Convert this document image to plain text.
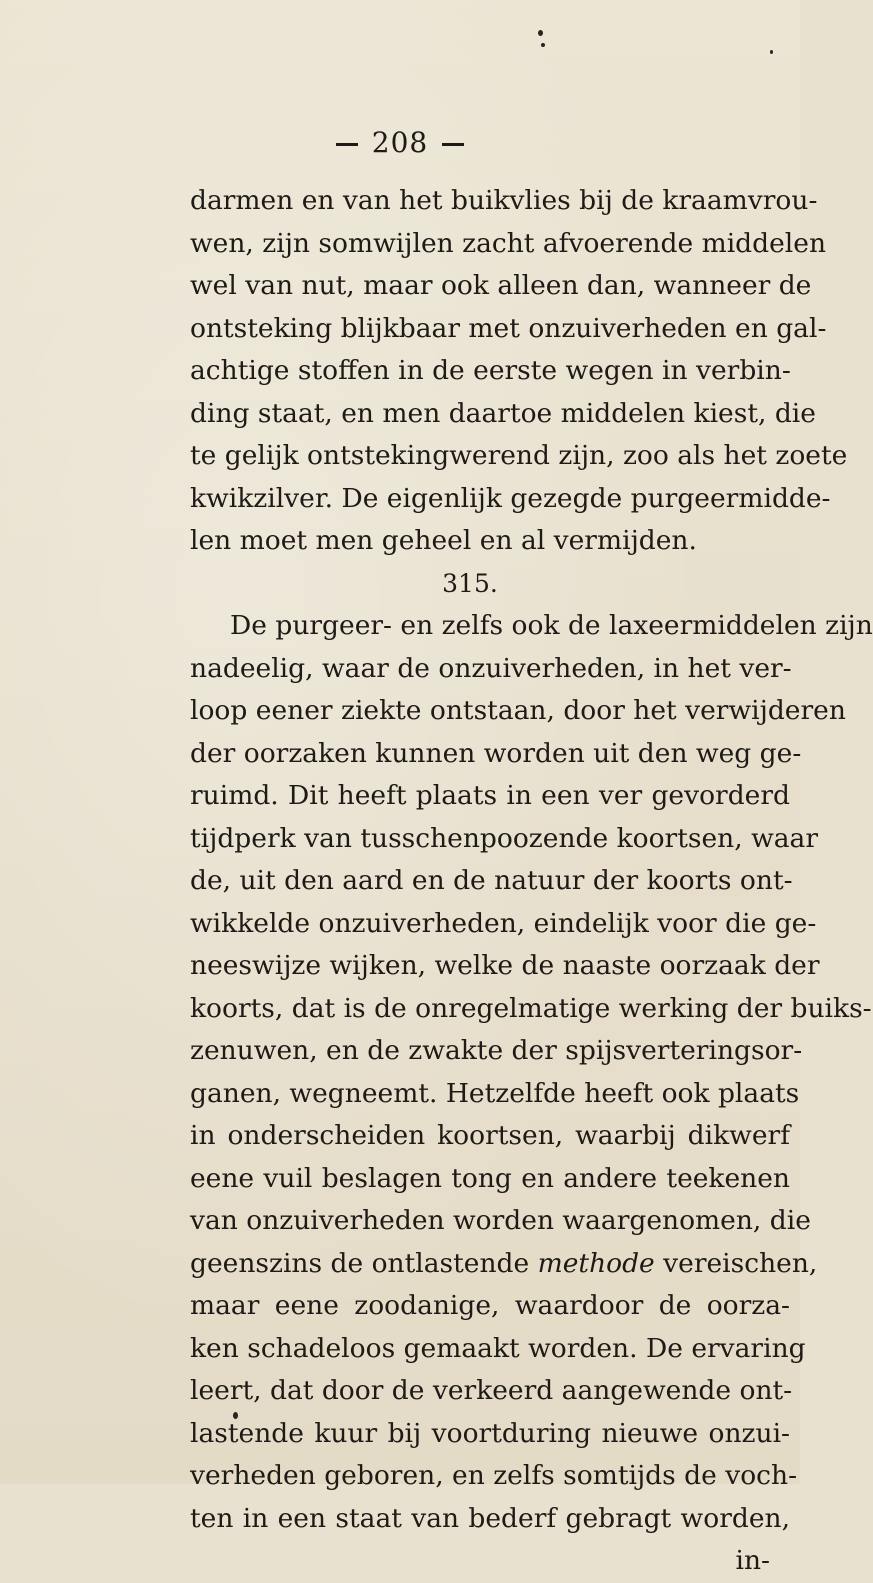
208
darmen en van het buikvlies bij de kraamvrou-
wen, zijn somwijlen zacht afvoerende middelen
wel van nut, maar ook alleen dan, wanneer de
ontsteking blijkbaar met onzuiverheden en gal-
achtige stoffen in de eerste wegen in verbin-
ding staat, en men daartoe middelen kiest, die
te gelijk ontstekingwerend zijn, zoo als het zoete
kwikzilver. De eigenlijk gezegde purgeermidde-
len moet men geheel en al vermijden.
315.
De purgeer- en zelfs ook de laxeermiddelen zijn
nadeelig, waar de onzuiverheden, in het ver-
loop eener ziekte ontstaan, door het verwijderen
der oorzaken kunnen worden uit den weg ge-
ruimd. Dit heeft plaats in een ver gevorderd
tijdperk van tusschenpoozende koortsen, waar
de, uit den aard en de natuur der koorts ont-
wikkelde onzuiverheden, eindelijk voor die ge-
neeswijze wijken, welke de naaste oorzaak der
koorts, dat is de onregelmatige werking der buiks-
zenuwen, en de zwakte der spijsverteringsor-
ganen, wegneemt. Hetzelfde heeft ook plaats
in onderscheiden koortsen, waarbij dikwerf
eene vuil beslagen tong en andere teekenen
van onzuiverheden worden waargenomen, die
geenszins de ontlastende methode vereischen,
maar eene zoodanige, waardoor de oorza-
ken schadeloos gemaakt worden. De ervaring
leert, dat door de verkeerd aangewende ont-
lastende kuur bij voortduring nieuwe onzui-
verheden geboren, en zelfs somtijds de voch-
ten in een staat van bederf gebragt worden,
in-
